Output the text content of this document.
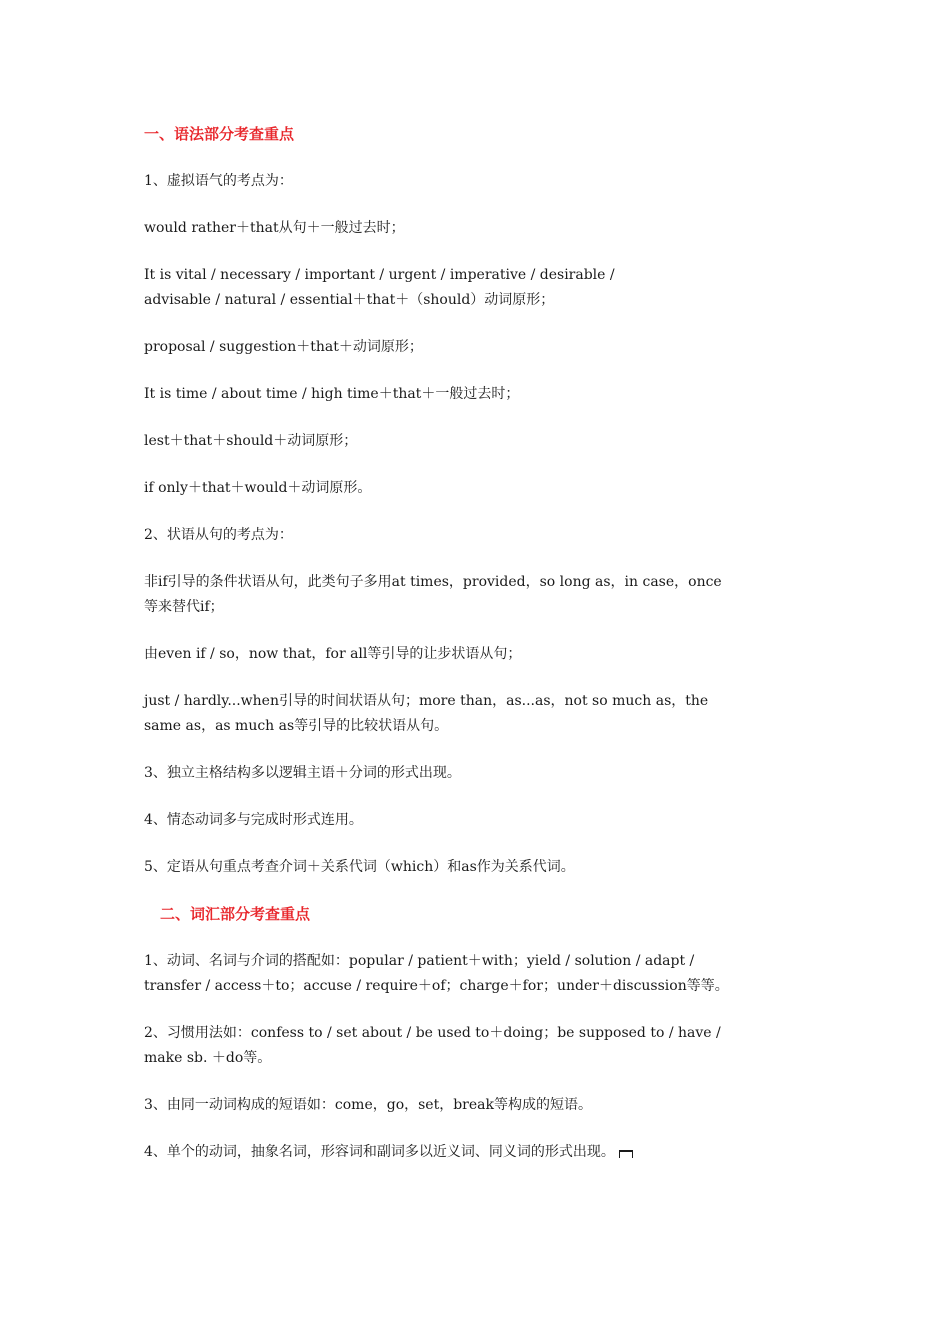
一、语法部分考查重点
1、虚拟语气的考点为：
would rather＋that从句＋一般过去时；
It is vital / necessary / important / urgent / imperative / desirable /
advisable / natural / essential＋that＋（should）动词原形；
proposal / suggestion＋that＋动词原形；
It is time / about time / high time＋that＋一般过去时；
lest＋that＋should＋动词原形；
if only＋that＋would＋动词原形。
2、状语从句的考点为：
非if引导的条件状语从句，此类句子多用at times，provided，so long as，in case，once
等来替代if；
由even if / so，now that，for all等引导的让步状语从句；
just / hardly...when引导的时间状语从句；more than，as...as，not so much as，the
same as，as much as等引导的比较状语从句。
3、独立主格结构多以逻辑主语＋分词的形式出现。
4、情态动词多与完成时形式连用。
5、定语从句重点考查介词＋关系代词（which）和as作为关系代词。
二、词汇部分考查重点
1、动词、名词与介词的搭配如：popular / patient＋with；yield / solution / adapt /
transfer / access＋to；accuse / require＋of；charge＋for；under＋discussion等等。
2、习惯用法如：confess to / set about / be used to＋doing；be supposed to / have /
make sb. ＋do等。
3、由同一动词构成的短语如：come，go，set，break等构成的短语。
4、单个的动词，抽象名词，形容词和副词多以近义词、同义词的形式出现。
